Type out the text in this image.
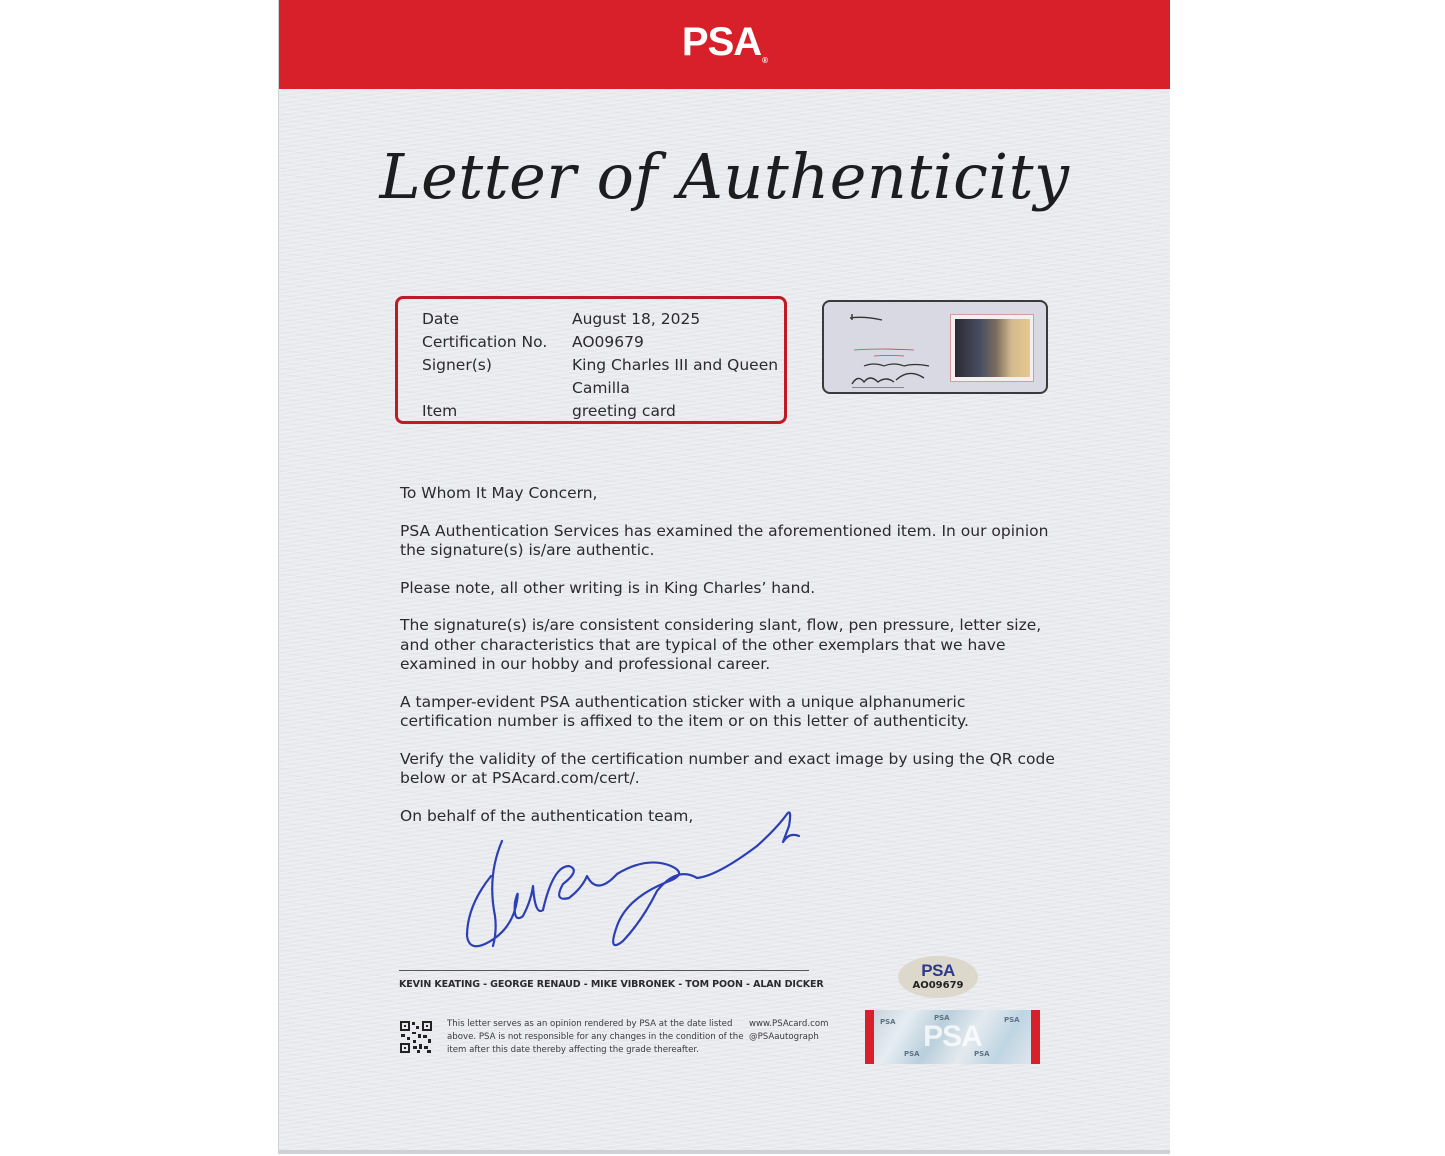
PSA®
Letter of Authenticity
Date	August 18, 2025
Certification No.	AO09679
Signer(s)	King Charles III and Queen
Camilla
Item	greeting card

To Whom It May Concern,

PSA Authentication Services has examined the aforementioned item. In our opinion the signature(s) is/are authentic.

Please note, all other writing is in King Charles’ hand.

The signature(s) is/are consistent considering slant, flow, pen pressure, letter size, and other characteristics that are typical of the other exemplars that we have examined in our hobby and professional career.

A tamper-evident PSA authentication sticker with a unique alphanumeric certification number is affixed to the item or on this letter of authenticity.

Verify the validity of the certification number and exact image by using the QR code below or at PSAcard.com/cert/.

On behalf of the authentication team,

KEVIN KEATING - GEORGE RENAUD - MIKE VIBRONEK - TOM POON - ALAN DICKER
This letter serves as an opinion rendered by PSA at the date listed above. PSA is not responsible for any changes in the condition of the item after this date thereby affecting the grade thereafter.
www.PSAcard.com
@PSAautograph
PSA
AO09679
PSA
PSA	PSA	PSA
PSA	PSA
